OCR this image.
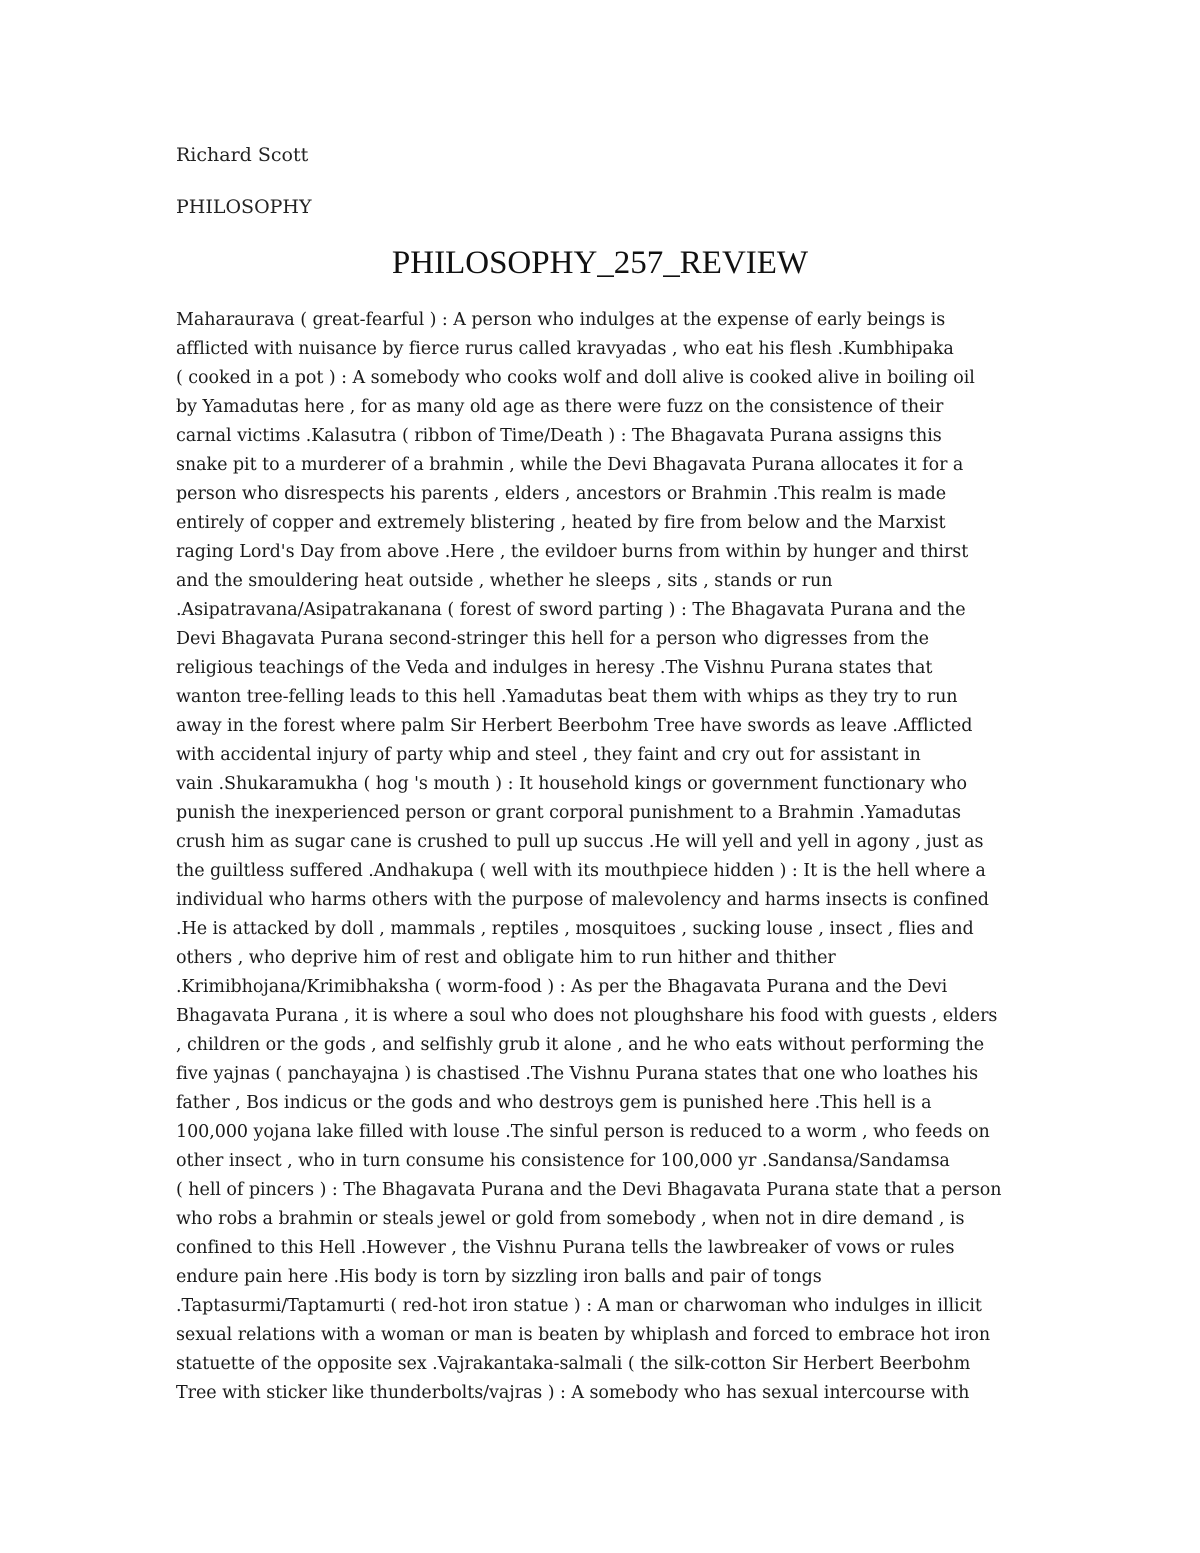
Richard Scott
PHILOSOPHY
PHILOSOPHY_257_REVIEW
Maharaurava ( great-fearful ) : A person who indulges at the expense of early beings is
afflicted with nuisance by fierce rurus called kravyadas , who eat his flesh .Kumbhipaka
( cooked in a pot ) : A somebody who cooks wolf and doll alive is cooked alive in boiling oil
by Yamadutas here , for as many old age as there were fuzz on the consistence of their
carnal victims .Kalasutra ( ribbon of Time/Death ) : The Bhagavata Purana assigns this
snake pit to a murderer of a brahmin , while the Devi Bhagavata Purana allocates it for a
person who disrespects his parents , elders , ancestors or Brahmin .This realm is made
entirely of copper and extremely blistering , heated by fire from below and the Marxist
raging Lord's Day from above .Here , the evildoer burns from within by hunger and thirst
and the smouldering heat outside , whether he sleeps , sits , stands or run
.Asipatravana/Asipatrakanana ( forest of sword parting ) : The Bhagavata Purana and the
Devi Bhagavata Purana second-stringer this hell for a person who digresses from the
religious teachings of the Veda and indulges in heresy .The Vishnu Purana states that
wanton tree-felling leads to this hell .Yamadutas beat them with whips as they try to run
away in the forest where palm Sir Herbert Beerbohm Tree have swords as leave .Afflicted
with accidental injury of party whip and steel , they faint and cry out for assistant in
vain .Shukaramukha ( hog 's mouth ) : It household kings or government functionary who
punish the inexperienced person or grant corporal punishment to a Brahmin .Yamadutas
crush him as sugar cane is crushed to pull up succus .He will yell and yell in agony , just as
the guiltless suffered .Andhakupa ( well with its mouthpiece hidden ) : It is the hell where a
individual who harms others with the purpose of malevolency and harms insects is confined
.He is attacked by doll , mammals , reptiles , mosquitoes , sucking louse , insect , flies and
others , who deprive him of rest and obligate him to run hither and thither
.Krimibhojana/Krimibhaksha ( worm-food ) : As per the Bhagavata Purana and the Devi
Bhagavata Purana , it is where a soul who does not ploughshare his food with guests , elders
, children or the gods , and selfishly grub it alone , and he who eats without performing the
five yajnas ( panchayajna ) is chastised .The Vishnu Purana states that one who loathes his
father , Bos indicus or the gods and who destroys gem is punished here .This hell is a
100,000 yojana lake filled with louse .The sinful person is reduced to a worm , who feeds on
other insect , who in turn consume his consistence for 100,000 yr .Sandansa/Sandamsa
( hell of pincers ) : The Bhagavata Purana and the Devi Bhagavata Purana state that a person
who robs a brahmin or steals jewel or gold from somebody , when not in dire demand , is
confined to this Hell .However , the Vishnu Purana tells the lawbreaker of vows or rules
endure pain here .His body is torn by sizzling iron balls and pair of tongs
.Taptasurmi/Taptamurti ( red-hot iron statue ) : A man or charwoman who indulges in illicit
sexual relations with a woman or man is beaten by whiplash and forced to embrace hot iron
statuette of the opposite sex .Vajrakantaka-salmali ( the silk-cotton Sir Herbert Beerbohm
Tree with sticker like thunderbolts/vajras ) : A somebody who has sexual intercourse with
